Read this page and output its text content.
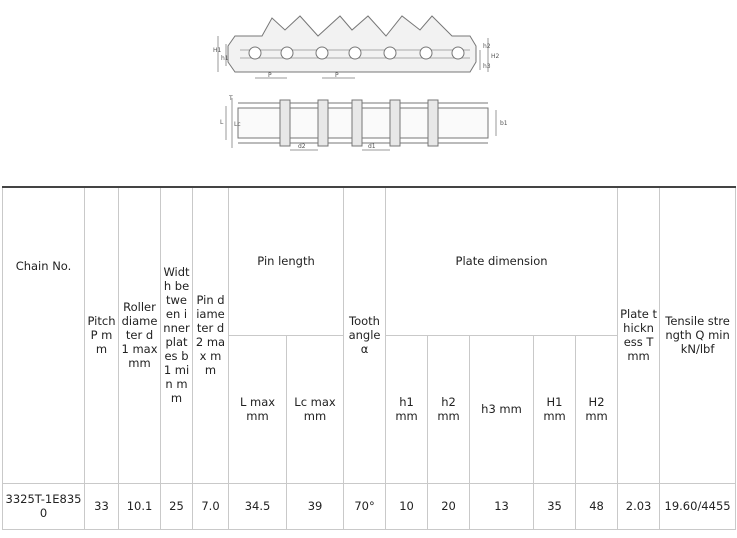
H1
h1
h3
h2
H2
P	P
T
L Lc	b1
d2	d1
Chain No.	Pitch P mm	Roller diameter d 1 max mm	Width between inner plates b 1 min mm	Pin diameter d 2 max mm	Pin length		Tooth angle α	Plate dimension					Plate thickness T mm	Tensile strength Q min kN/lbf
					L max mm	Lc max mm		h1 mm	h2 mm	h3 mm	H1 mm	H2 mm		
3325T-1E8350	33	10.1	25	7.0	34.5	39	70°	10	20	13	35	48	2.03	19.60/4455
